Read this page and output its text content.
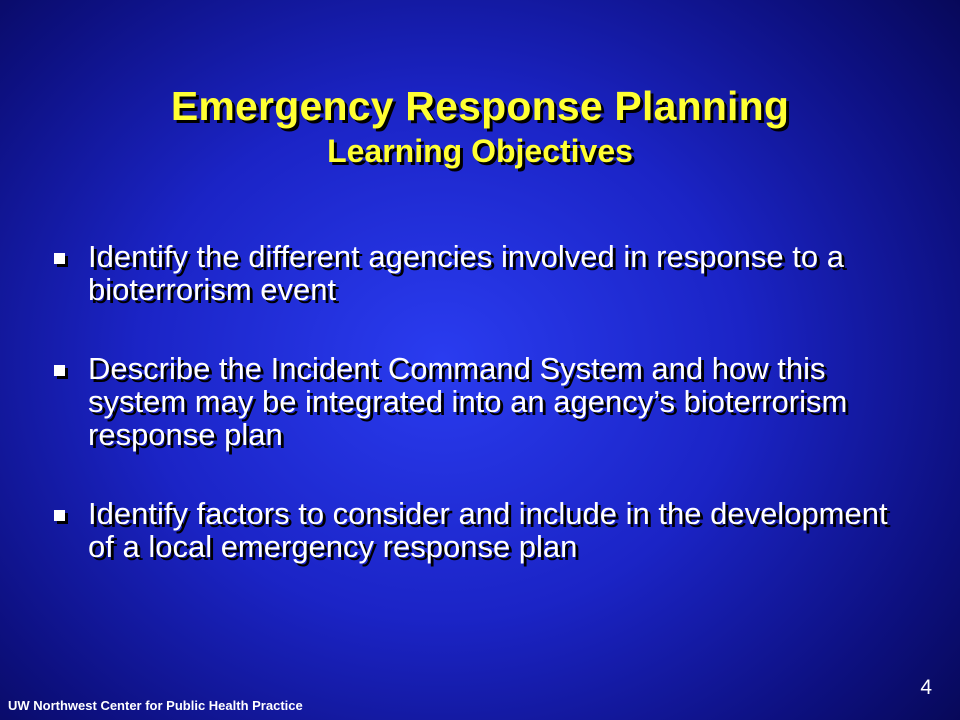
Emergency Response Planning
Learning Objectives
Identify the different agencies involved in response to a bioterrorism event
Describe the Incident Command System and how this system may be integrated into an agency’s bioterrorism response plan
Identify factors to consider and include in the development of a local emergency response plan
UW Northwest Center for Public Health Practice
4
